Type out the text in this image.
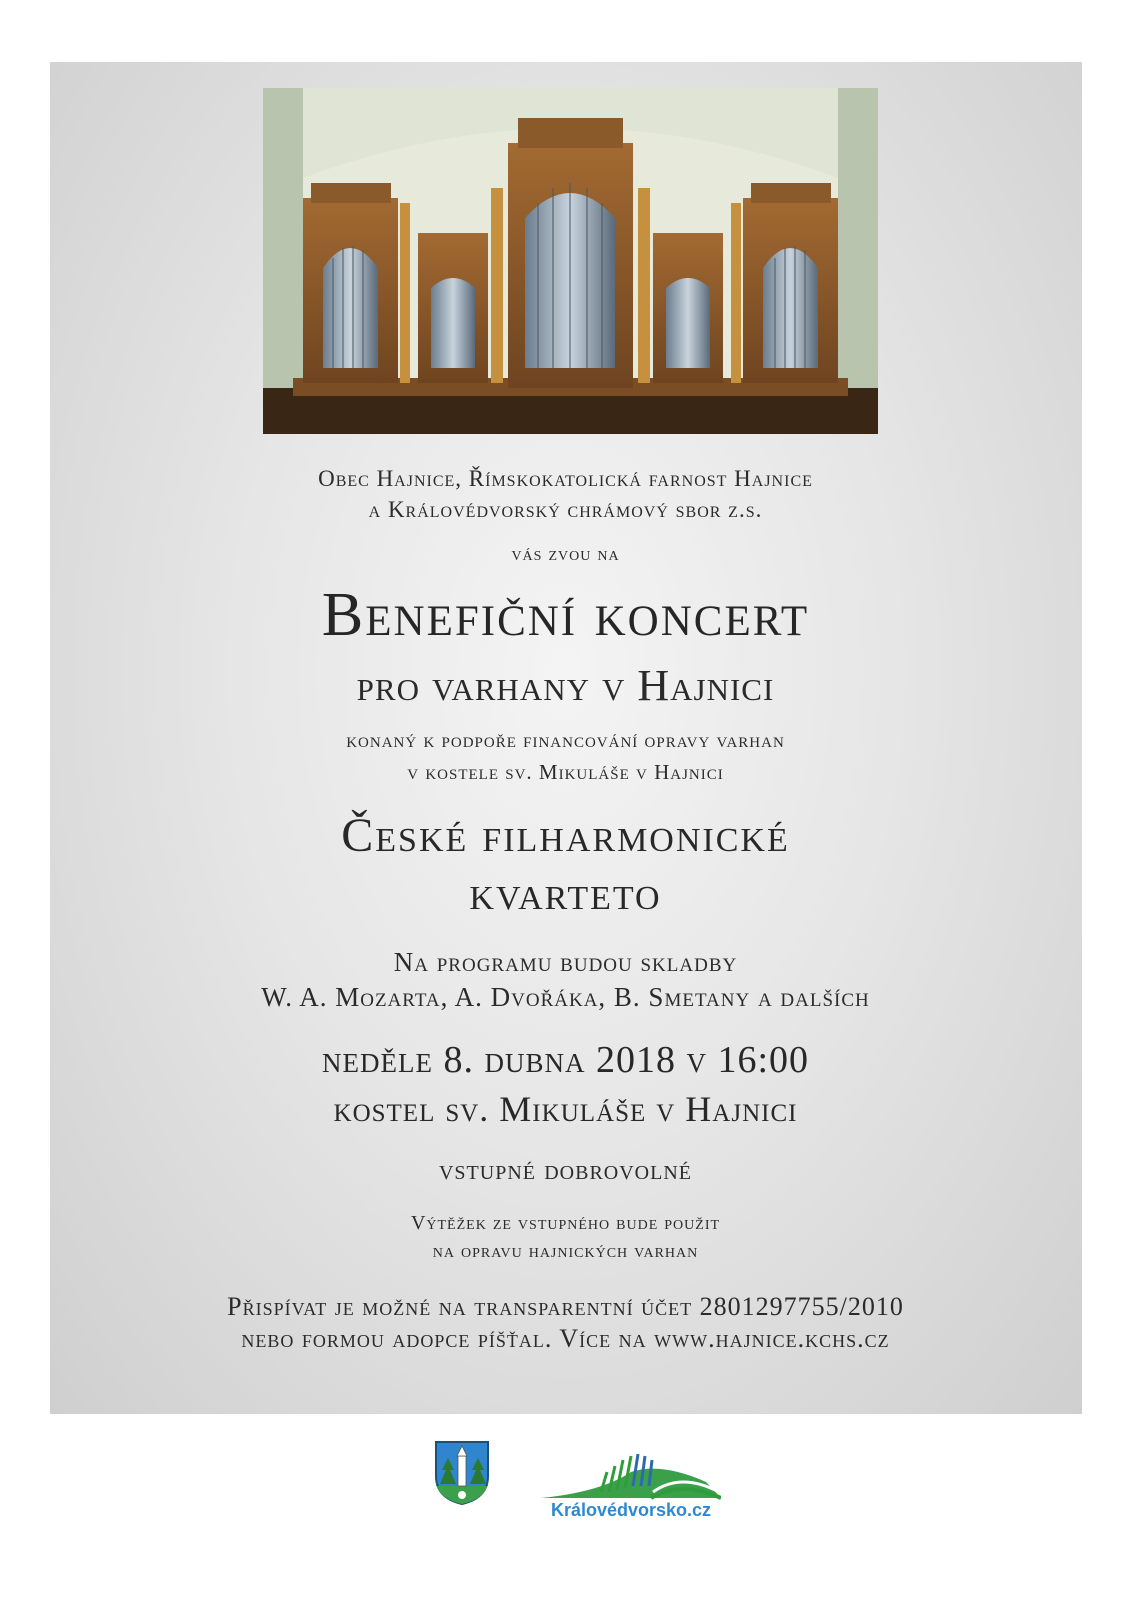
Obec Hajnice, Římskokatolická farnost Hajnice
a Královédvorský chrámový sbor z.s.
vás zvou na
Benefiční koncert
pro varhany v Hajnici
konaný k podpoře financování opravy varhan
v kostele sv. Mikuláše v Hajnici
České filharmonické
kvarteto
Na programu budou skladby
W. A. Mozarta, A. Dvořáka, B. Smetany a dalších
neděle 8. dubna 2018 v 16:00
kostel sv. Mikuláše v Hajnici
vstupné dobrovolné
Výtěžek ze vstupného bude použit
na opravu hajnických varhan
Přispívat je možné na transparentní účet 2801297755/2010
nebo formou adopce píšťal. Více na www.hajnice.kchs.cz
Královédvorsko.cz
